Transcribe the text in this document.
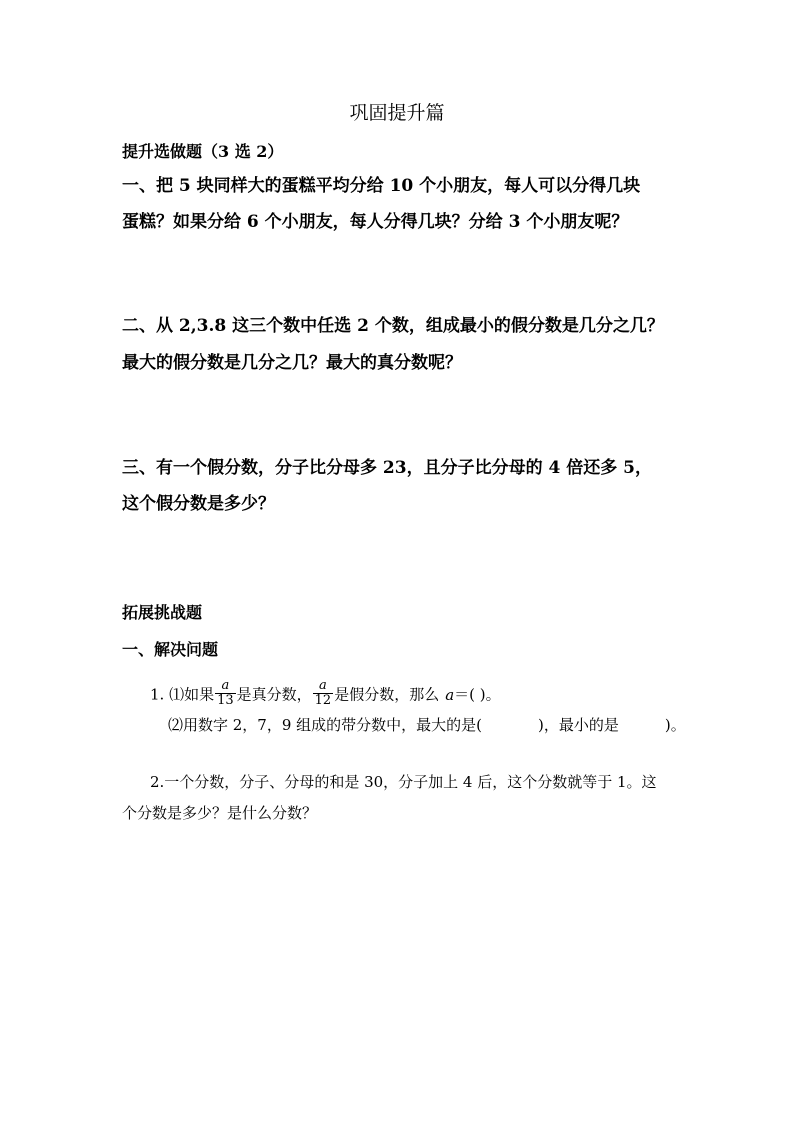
巩固提升篇
提升选做题（3 选 2）
一、把 5 块同样大的蛋糕平均分给 10 个小朋友，每人可以分得几块
蛋糕？如果分给 6 个小朋友，每人分得几块？分给 3 个小朋友呢？
二、从 2,3.8 这三个数中任选 2 个数，组成最小的假分数是几分之几？
最大的假分数是几分之几？最大的真分数呢？
三、有一个假分数，分子比分母多 23，且分子比分母的 4 倍还多 5，
这个假分数是多少？
拓展挑战题
一、解决问题
1. ⑴如果 $\frac{a}{13}$ 是真分数， $\frac{a}{12}$ 是假分数，那么 a＝( )。
⑵用数字 2，7，9 组成的带分数中，最大的是(	)，最小的是	)。
2.一个分数，分子、分母的和是 30，分子加上 4 后，这个分数就等于 1。这
个分数是多少？是什么分数？
